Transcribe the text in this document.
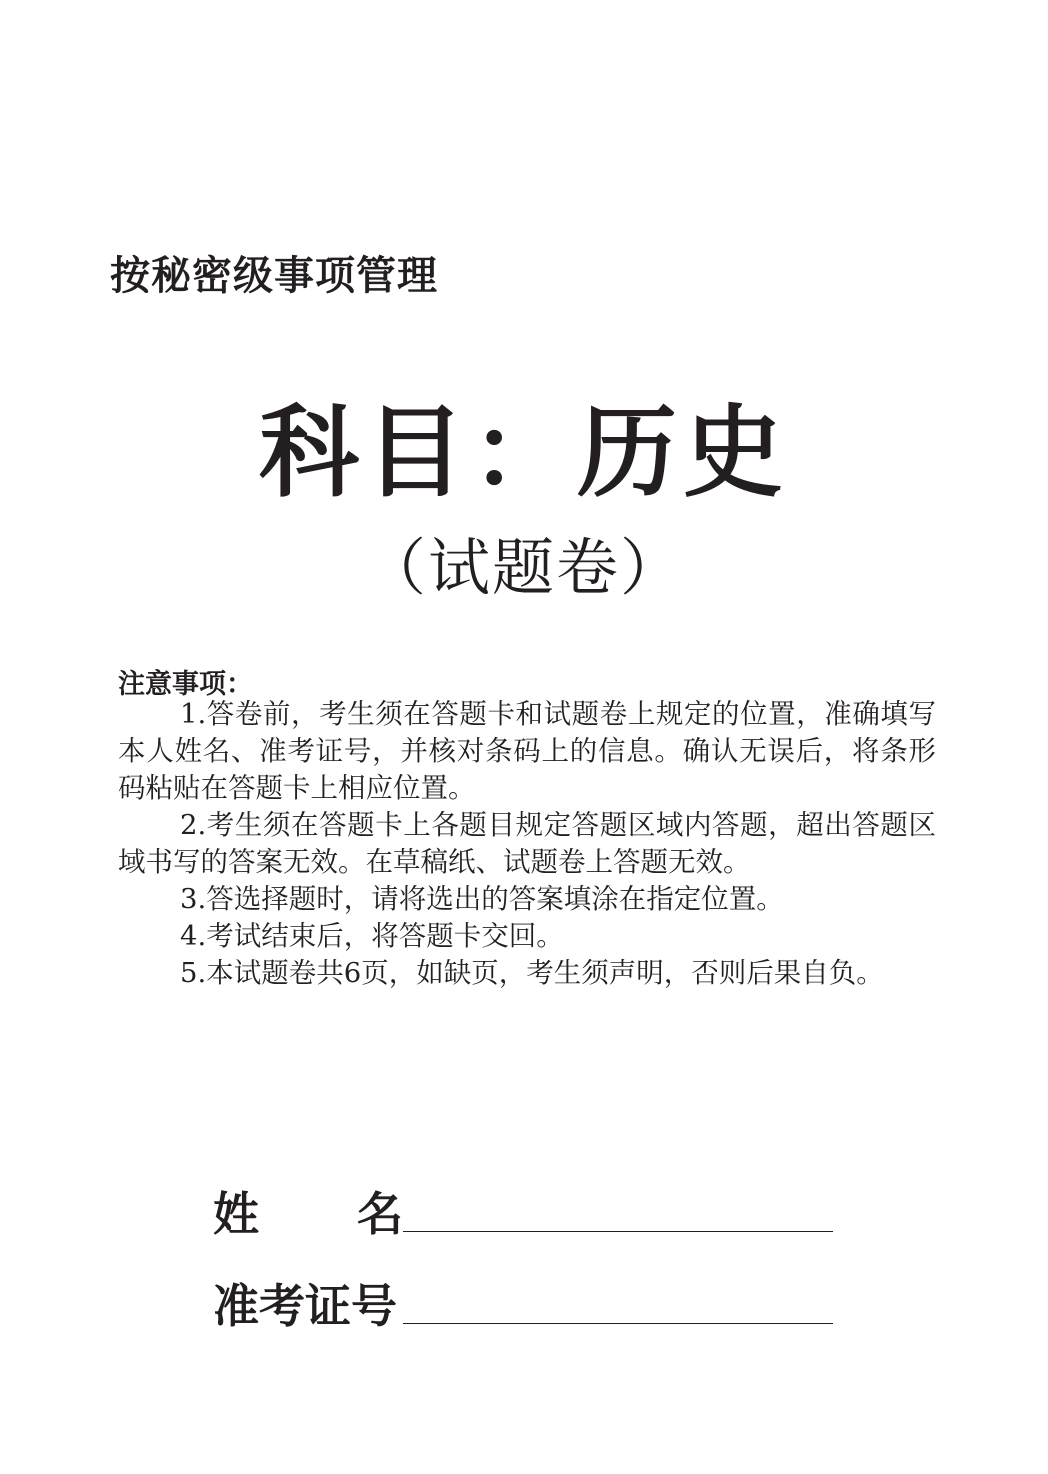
按秘密级事项管理
科目：历史
（试题卷）
注意事项：

1.答卷前，考生须在答题卡和试题卷上规定的位置，准确填写本人姓名、准考证号，并核对条码上的信息。确认无误后，将条形码粘贴在答题卡上相应位置。

2.考生须在答题卡上各题目规定答题区域内答题，超出答题区域书写的答案无效。在草稿纸、试题卷上答题无效。

3.答选择题时，请将选出的答案填涂在指定位置。

4.考试结束后，将答题卡交回。

5.本试题卷共6页，如缺页，考生须声明，否则后果自负。

姓 名
准考证号
